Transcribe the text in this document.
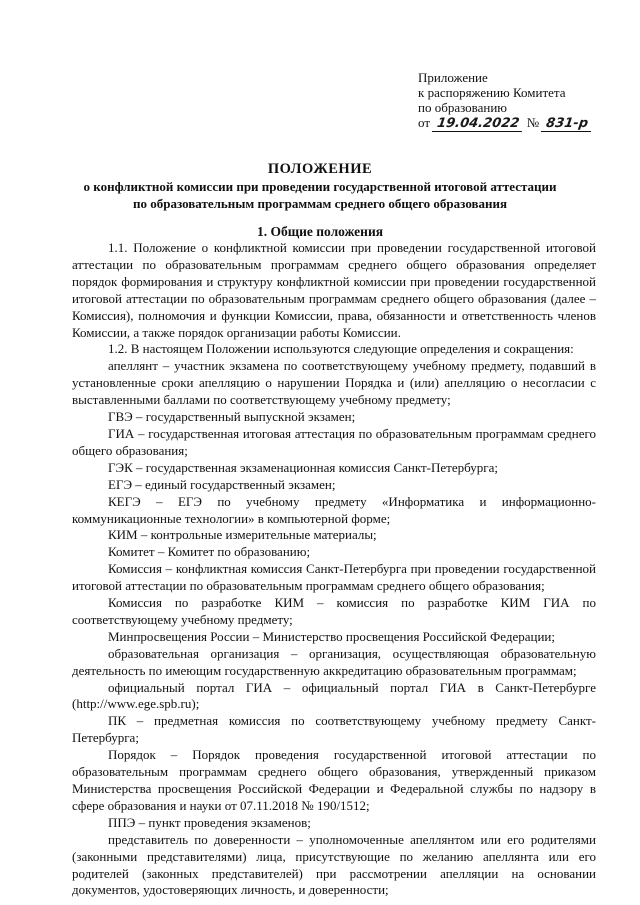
Приложение
к распоряжению Комитета
по образованию
от 19.04.2022 № 831-р
ПОЛОЖЕНИЕ
о конфликтной комиссии при проведении государственной итоговой аттестации
по образовательным программам среднего общего образования
1. Общие положения

1.1. Положение о конфликтной комиссии при проведении государственной итоговой аттестации по образовательным программам среднего общего образования определяет порядок формирования и структуру конфликтной комиссии при проведении государственной итоговой аттестации по образовательным программам среднего общего образования (далее – Комиссия), полномочия и функции Комиссии, права, обязанности и ответственность членов Комиссии, а также порядок организации работы Комиссии.

1.2. В настоящем Положении используются следующие определения и сокращения:

апеллянт – участник экзамена по соответствующему учебному предмету, подавший в установленные сроки апелляцию о нарушении Порядка и (или) апелляцию о несогласии с выставленными баллами по соответствующему учебному предмету;

ГВЭ – государственный выпускной экзамен;

ГИА – государственная итоговая аттестация по образовательным программам среднего общего образования;

ГЭК – государственная экзаменационная комиссия Санкт-Петербурга;

ЕГЭ – единый государственный экзамен;

КЕГЭ – ЕГЭ по учебному предмету «Информатика и информационно-коммуникационные технологии» в компьютерной форме;

КИМ – контрольные измерительные материалы;

Комитет – Комитет по образованию;

Комиссия – конфликтная комиссия Санкт-Петербурга при проведении государственной итоговой аттестации по образовательным программам среднего общего образования;

Комиссия по разработке КИМ – комиссия по разработке КИМ ГИА по соответствующему учебному предмету;

Минпросвещения России – Министерство просвещения Российской Федерации;

образовательная организация – организация, осуществляющая образовательную деятельность по имеющим государственную аккредитацию образовательным программам;

официальный портал ГИА – официальный портал ГИА в Санкт-Петербурге (http://www.ege.spb.ru);

ПК – предметная комиссия по соответствующему учебному предмету Санкт-Петербурга;

Порядок – Порядок проведения государственной итоговой аттестации по образовательным программам среднего общего образования, утвержденный приказом Министерства просвещения Российской Федерации и Федеральной службы по надзору в сфере образования и науки от 07.11.2018 № 190/1512;

ППЭ – пункт проведения экзаменов;

представитель по доверенности – уполномоченные апеллянтом или его родителями (законными представителями) лица, присутствующие по желанию апеллянта или его родителей (законных представителей) при рассмотрении апелляции на основании документов, удостоверяющих личность, и доверенности;
